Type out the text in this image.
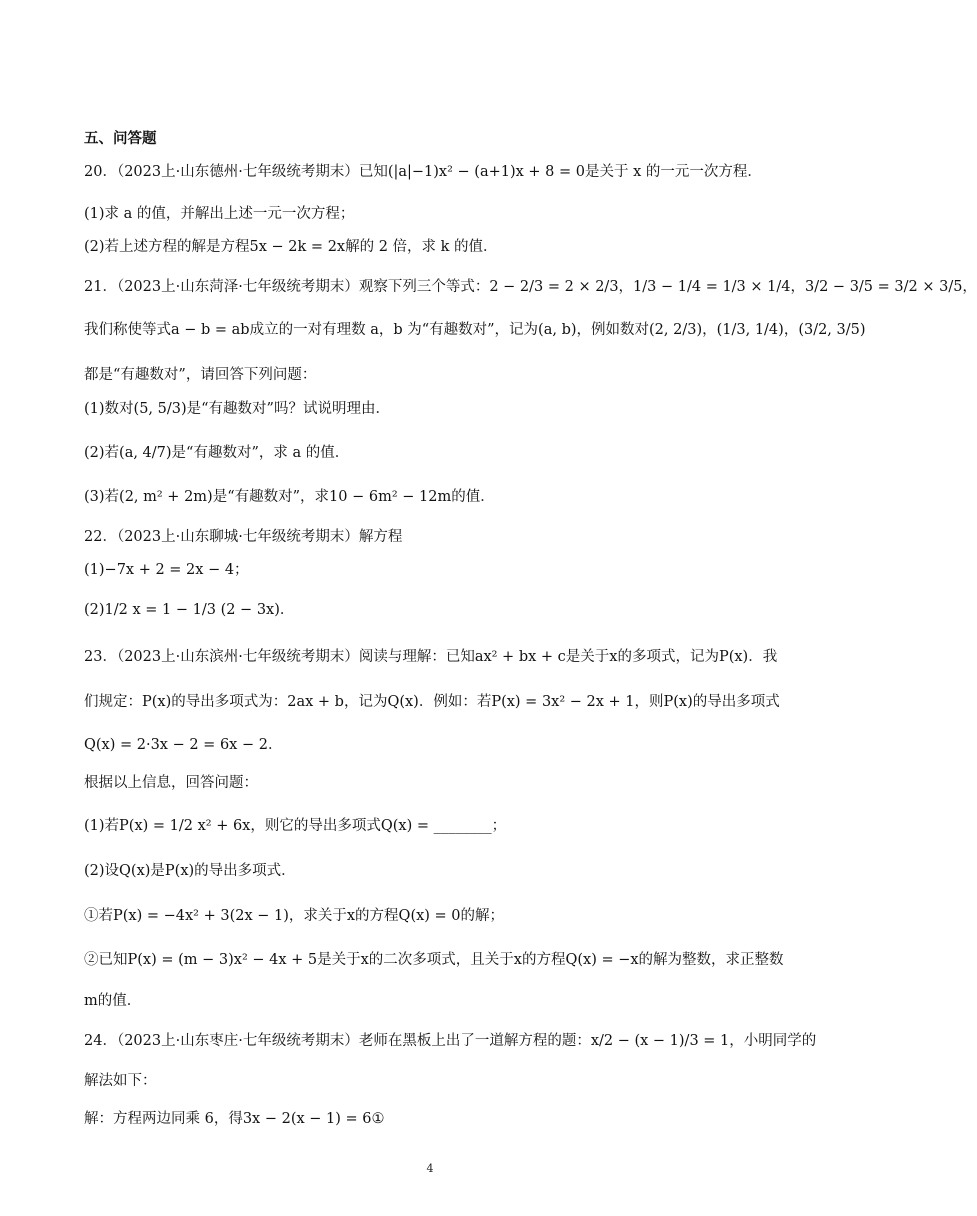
五、问答题
20．（2023上·山东德州·七年级统考期末）已知(|a|−1)x² − (a+1)x + 8 = 0是关于 x 的一元一次方程．
(1)求 a 的值，并解出上述一元一次方程；
(2)若上述方程的解是方程5x − 2k = 2x解的 2 倍，求 k 的值．
21．（2023上·山东菏泽·七年级统考期末）观察下列三个等式：2 − 2/3 = 2 × 2/3，1/3 − 1/4 = 1/3 × 1/4，3/2 − 3/5 = 3/2 × 3/5，
我们称使等式a − b = ab成立的一对有理数 a，b 为“有趣数对”，记为(a, b)，例如数对(2, 2/3)，(1/3, 1/4)，(3/2, 3/5)
都是“有趣数对”，请回答下列问题：
(1)数对(5, 5/3)是“有趣数对”吗？试说明理由．
(2)若(a, 4/7)是“有趣数对”，求 a 的值．
(3)若(2, m² + 2m)是“有趣数对”，求10 − 6m² − 12m的值．
22．（2023上·山东聊城·七年级统考期末）解方程
(1)−7x + 2 = 2x − 4；
(2)1/2 x = 1 − 1/3 (2 − 3x)．
23．（2023上·山东滨州·七年级统考期末）阅读与理解：已知ax² + bx + c是关于x的多项式，记为P(x)．我
们规定：P(x)的导出多项式为：2ax + b，记为Q(x)．例如：若P(x) = 3x² − 2x + 1，则P(x)的导出多项式
Q(x) = 2·3x − 2 = 6x − 2．
根据以上信息，回答问题：
(1)若P(x) = 1/2 x² + 6x，则它的导出多项式Q(x) = ________；
(2)设Q(x)是P(x)的导出多项式．
①若P(x) = −4x² + 3(2x − 1)，求关于x的方程Q(x) = 0的解；
②已知P(x) = (m − 3)x² − 4x + 5是关于x的二次多项式，且关于x的方程Q(x) = −x的解为整数，求正整数
m的值．
24．（2023上·山东枣庄·七年级统考期末）老师在黑板上出了一道解方程的题：x/2 − (x − 1)/3 = 1，小明同学的
解法如下：
解：方程两边同乘 6，得3x − 2(x − 1) = 6①
4
